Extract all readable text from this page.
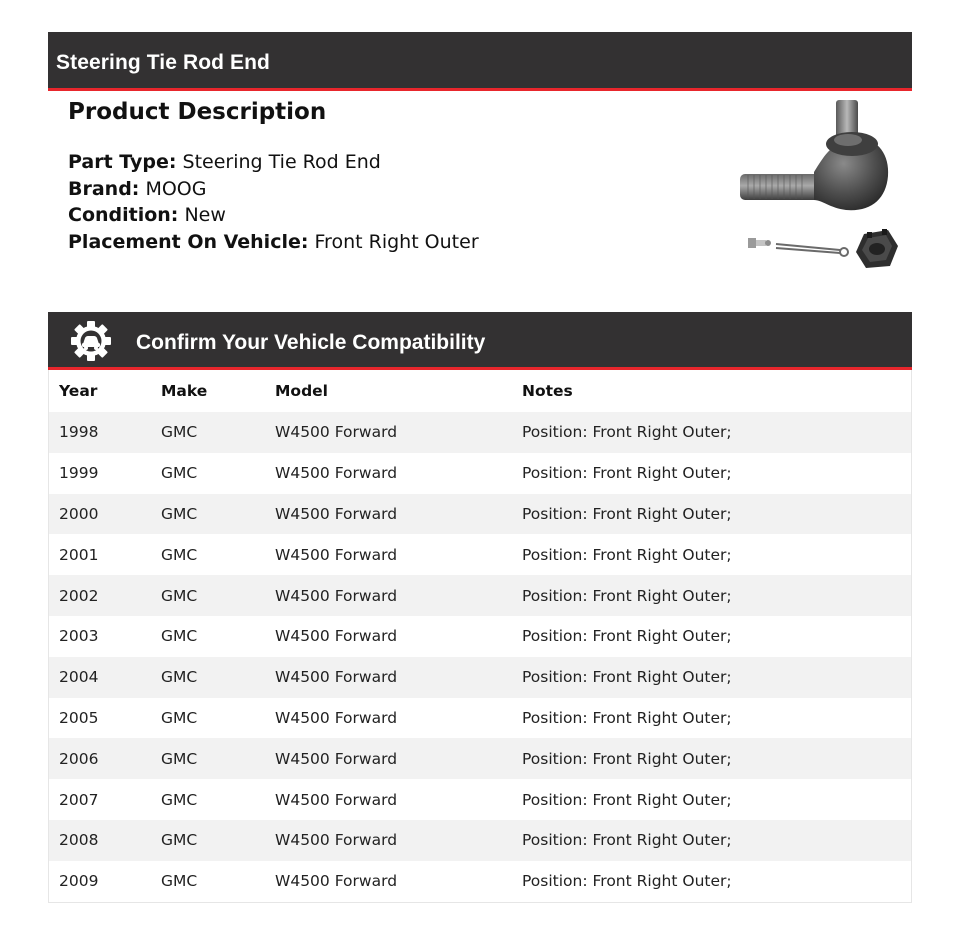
Steering Tie Rod End
Product Description
Part Type: Steering Tie Rod End
Brand: MOOG
Condition: New
Placement On Vehicle: Front Right Outer
Confirm Your Vehicle Compatibility
Year	Make	Model	Notes
1998	GMC	W4500 Forward	Position: Front Right Outer;
1999	GMC	W4500 Forward	Position: Front Right Outer;
2000	GMC	W4500 Forward	Position: Front Right Outer;
2001	GMC	W4500 Forward	Position: Front Right Outer;
2002	GMC	W4500 Forward	Position: Front Right Outer;
2003	GMC	W4500 Forward	Position: Front Right Outer;
2004	GMC	W4500 Forward	Position: Front Right Outer;
2005	GMC	W4500 Forward	Position: Front Right Outer;
2006	GMC	W4500 Forward	Position: Front Right Outer;
2007	GMC	W4500 Forward	Position: Front Right Outer;
2008	GMC	W4500 Forward	Position: Front Right Outer;
2009	GMC	W4500 Forward	Position: Front Right Outer;
